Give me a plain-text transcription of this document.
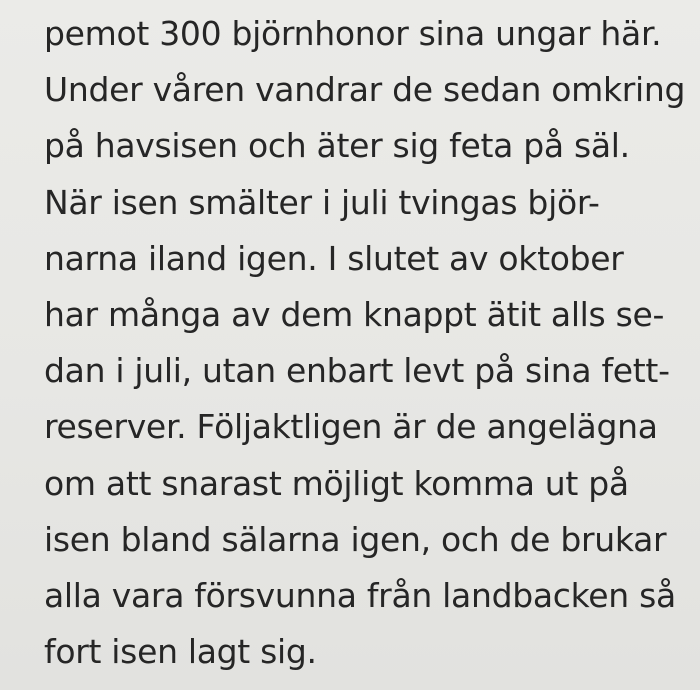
pemot 300 björnhonor sina ungar här.
Under våren vandrar de sedan omkring
på havsisen och äter sig feta på säl.
När isen smälter i juli tvingas björ-
narna iland igen. I slutet av oktober
har många av dem knappt ätit alls se-
dan i juli, utan enbart levt på sina fett-
reserver. Följaktligen är de angelägna
om att snarast möjligt komma ut på
isen bland sälarna igen, och de brukar
alla vara försvunna från landbacken så
fort isen lagt sig.
